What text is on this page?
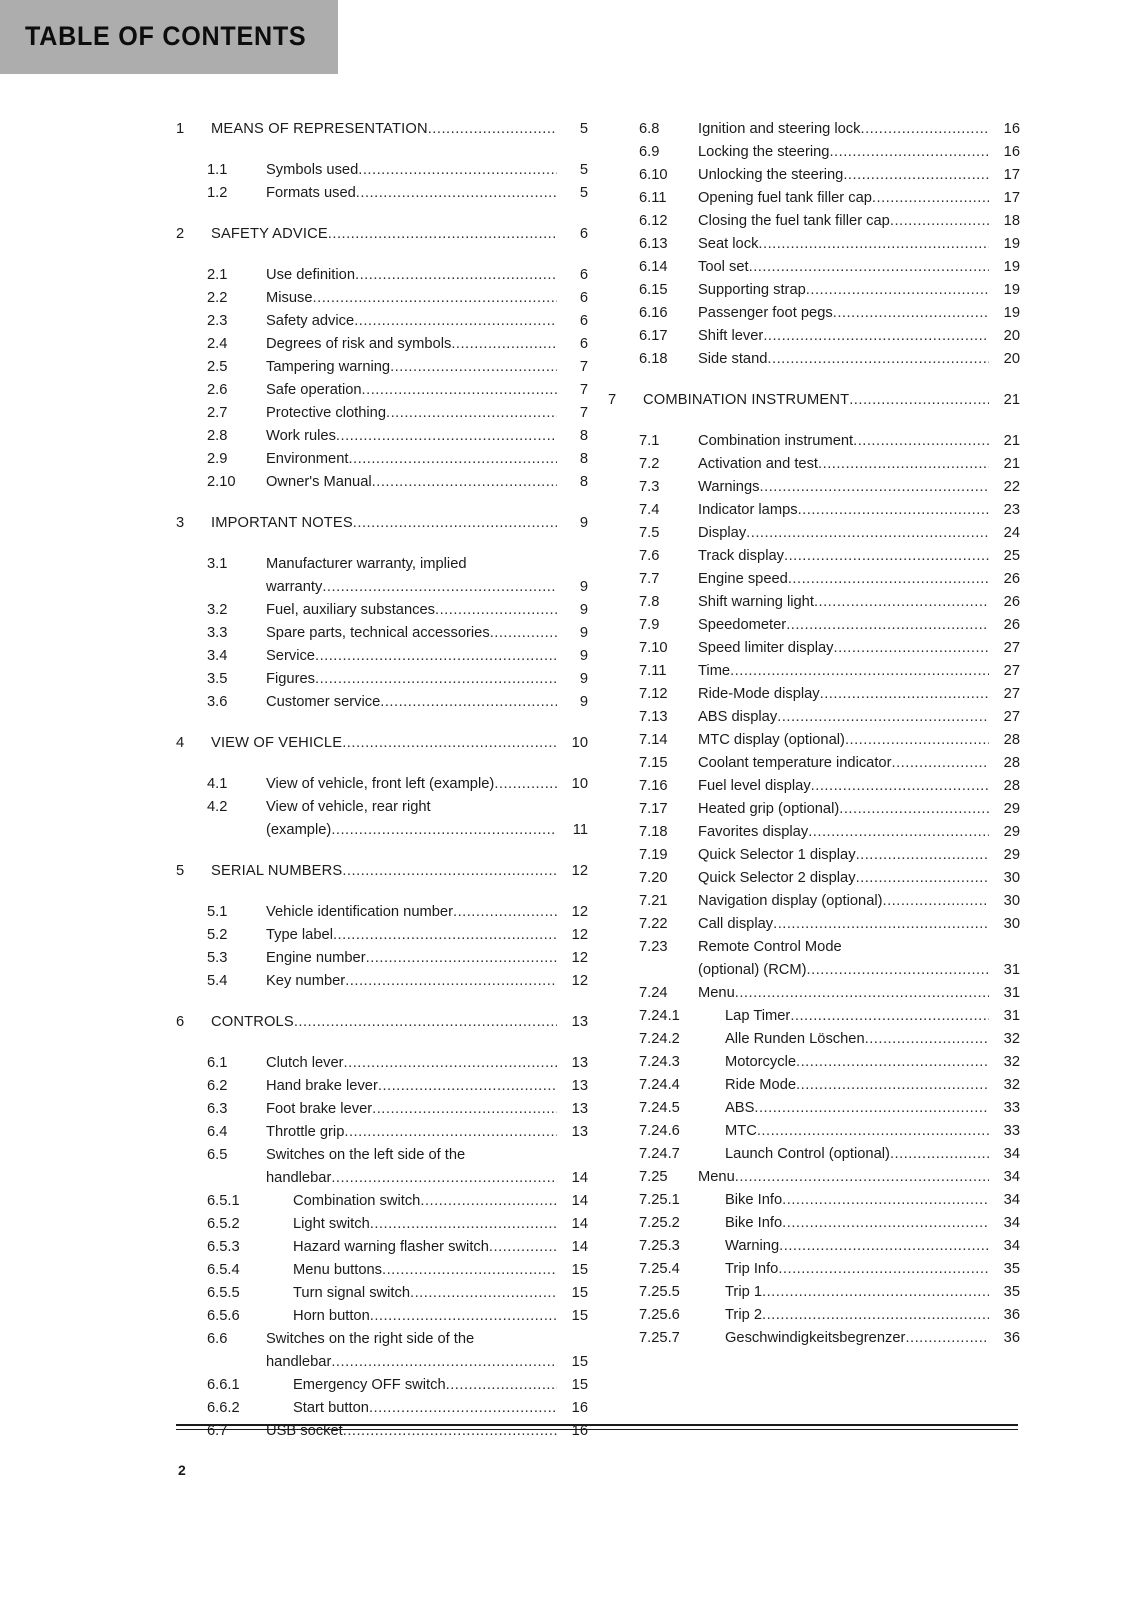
TABLE OF CONTENTS
1	MEANS OF REPRESENTATION .....	5
1.1	Symbols used .....	5
1.2	Formats used .....	5
2	SAFETY ADVICE .....	6
2.1	Use definition .....	6
2.2	Misuse .....	6
2.3	Safety advice .....	6
2.4	Degrees of risk and symbols .....	6
2.5	Tampering warning .....	7
2.6	Safe operation .....	7
2.7	Protective clothing .....	7
2.8	Work rules .....	8
2.9	Environment .....	8
2.10	Owner's Manual .....	8
3	IMPORTANT NOTES .....	9
3.1	Manufacturer warranty, implied
warranty .....	9
3.2	Fuel, auxiliary substances .....	9
3.3	Spare parts, technical accessories .....	9
3.4	Service .....	9
3.5	Figures .....	9
3.6	Customer service .....	9
4	VIEW OF VEHICLE .....	10
4.1	View of vehicle, front left (example) .....	10
4.2	View of vehicle, rear right
(example) .....	11
5	SERIAL NUMBERS .....	12
5.1	Vehicle identification number .....	12
5.2	Type label .....	12
5.3	Engine number .....	12
5.4	Key number .....	12
6	CONTROLS .....	13
6.1	Clutch lever .....	13
6.2	Hand brake lever .....	13
6.3	Foot brake lever .....	13
6.4	Throttle grip .....	13
6.5	Switches on the left side of the
handlebar .....	14
6.5.1	Combination switch .....	14
6.5.2	Light switch .....	14
6.5.3	Hazard warning flasher switch .....	14
6.5.4	Menu buttons .....	15
6.5.5	Turn signal switch .....	15
6.5.6	Horn button .....	15
6.6	Switches on the right side of the
handlebar .....	15
6.6.1	Emergency OFF switch .....	15
6.6.2	Start button .....	16
6.7	USB socket .....	16
6.8	Ignition and steering lock .....	16
6.9	Locking the steering .....	16
6.10	Unlocking the steering .....	17
6.11	Opening fuel tank filler cap .....	17
6.12	Closing the fuel tank filler cap .....	18
6.13	Seat lock .....	19
6.14	Tool set .....	19
6.15	Supporting strap .....	19
6.16	Passenger foot pegs .....	19
6.17	Shift lever .....	20
6.18	Side stand .....	20
7	COMBINATION INSTRUMENT .....	21
7.1	Combination instrument .....	21
7.2	Activation and test .....	21
7.3	Warnings .....	22
7.4	Indicator lamps .....	23
7.5	Display .....	24
7.6	Track display .....	25
7.7	Engine speed .....	26
7.8	Shift warning light .....	26
7.9	Speedometer .....	26
7.10	Speed limiter display .....	27
7.11	Time .....	27
7.12	Ride-Mode display .....	27
7.13	ABS display .....	27
7.14	MTC display (optional) .....	28
7.15	Coolant temperature indicator .....	28
7.16	Fuel level display .....	28
7.17	Heated grip (optional) .....	29
7.18	Favorites display .....	29
7.19	Quick Selector 1 display .....	29
7.20	Quick Selector 2 display .....	30
7.21	Navigation display (optional) .....	30
7.22	Call display .....	30
7.23	Remote Control Mode
(optional) (RCM) .....	31
7.24	Menu .....	31
7.24.1	Lap Timer .....	31
7.24.2	Alle Runden Löschen .....	32
7.24.3	Motorcycle .....	32
7.24.4	Ride Mode .....	32
7.24.5	ABS .....	33
7.24.6	MTC .....	33
7.24.7	Launch Control (optional) .....	34
7.25	Menu .....	34
7.25.1	Bike Info .....	34
7.25.2	Bike Info .....	34
7.25.3	Warning .....	34
7.25.4	Trip Info .....	35
7.25.5	Trip 1 .....	35
7.25.6	Trip 2 .....	36
7.25.7	Geschwindigkeitsbegrenzer .....	36
2
